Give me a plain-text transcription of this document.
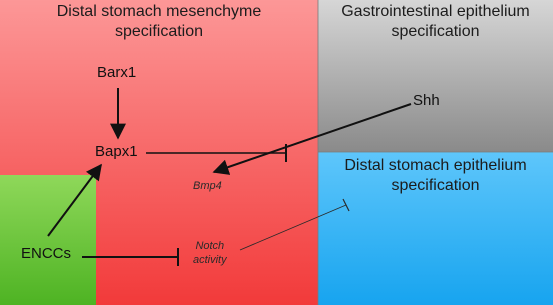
Distal stomach mesenchyme
specification
Gastrointestinal epithelium
specification
Distal stomach epithelium
specification
Barx1
Bapx1
Shh
ENCCs
Bmp4
Notch
activity
